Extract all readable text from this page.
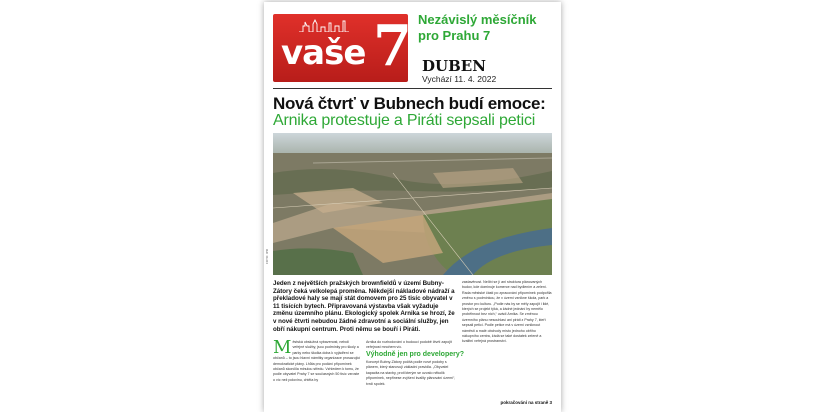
vaše 7 Nezávislý měsíčník pro Prahu 7
DUBEN
Vychází 11. 4. 2022
Nová čtvrť v Bubnech budí emoce:
Arnika protestuje a Piráti sepsali petici
FOTO: IPR
Jeden z největších pražských brownfieldů v území Bubny-Zátory čeká velkolepá proměna. Někdejší nákladové nádraží a překladové haly se mají stát domovem pro 25 tisíc obyvatel v 11 tisících bytech. Připravovaná výstavba však vyžaduje změnu územního plánu. Ekologický spolek Arnika se hrozí, že v nové čtvrti nebudou žádné zdravotní a sociální služby, jen obří nákupní centrum. Proti němu se bouří i Piráti.
M ěstská obslužná vybavenost, neboli veřejné služby, jsou podmínky pro školy a parky nebo školka doba k vyjádření se občanů – to jsou hlavní námitky organizace prosazující demokratické plány. Lhůta pro podání připomínek občanů skončila minulou středu. Vzhledem k tomu, že podle obyvatel Prahy 7 se současných 50 tisíc vzroste o víc než polovinu, chtěla by
Arnika do rozhodování o budoucí podobě čtvrti zapojit veřejnost mnohem víc.
Výhodně jen pro developery?
Koncept Bubny-Zátory počítá podle nové podoby s plánem, který stanovují základní pravidla. „Obyvatel kapacita na stavby, proti kterým se ozvalo několik připomínek, nepřinese zvýšení kvality plánování území“, tvrdí spolek.
zastavěnost. Nelíbí se jí ani struktura plánovaných budov, kde dominuje komerce nad bydlením a zelení. Rada městské části po zpracování připomínek podpořila změnu s podmínkou, že v území vznikne škola, park a prostor pro kulturu. „Podle nás by se měly zapojit i lidé, kterých se projekt týká, a žádné jednání by nemělo proběhnout bez nich,“ uvádí Arnika. Se změnou územního plánu nesouhlasí ani piráti z Prahy 7, kteří sepsali petici. Podle petice má v území vzniknout náměstí a malé obchody místo jednoho obřího nákupního centra, žádá se také dostatek zeleně a kvalitní veřejná prostranství.
pokračování na straně 3
